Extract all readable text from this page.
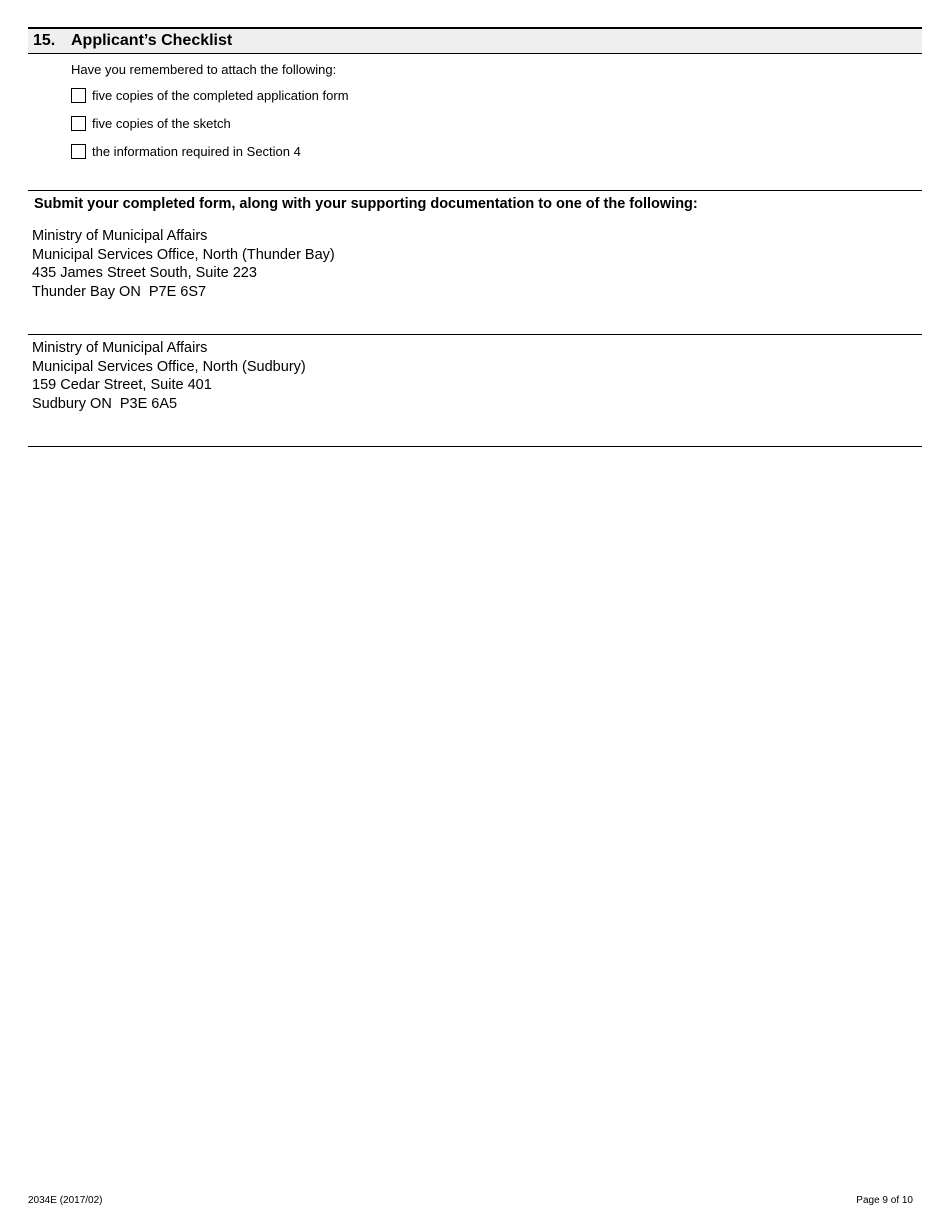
15. Applicant’s Checklist
Have you remembered to attach the following:
five copies of the completed application form
five copies of the sketch
the information required in Section 4
Submit your completed form, along with your supporting documentation to one of the following:
Ministry of Municipal Affairs
Municipal Services Office, North (Thunder Bay)
435 James Street South, Suite 223
Thunder Bay ON  P7E 6S7
Ministry of Municipal Affairs
Municipal Services Office, North (Sudbury)
159 Cedar Street, Suite 401
Sudbury ON  P3E 6A5
2034E (2017/02)	Page 9 of 10
